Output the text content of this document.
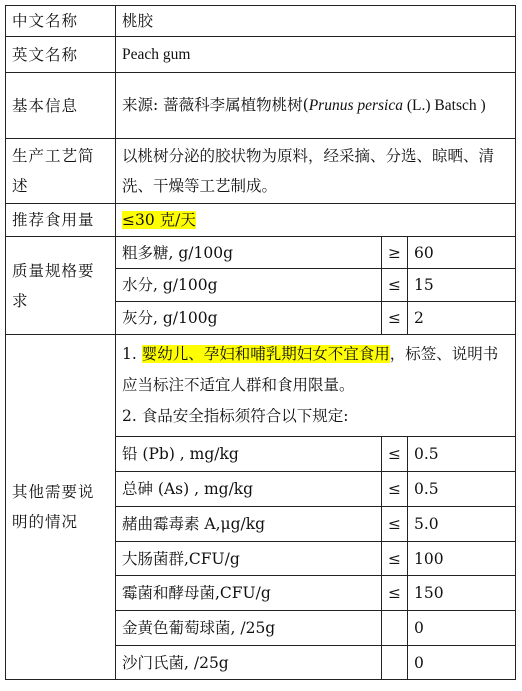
中文名称	桃胶		
英文名称	Peach gum		
基本信息	来源: 蔷薇科李属植物桃树(Prunus persica (L.) Batsch )		
生产工艺简述	以桃树分泌的胶状物为原料，经采摘、分选、晾晒、清洗、干燥等工艺制成。		
推荐食用量	≤30 克/天		
质量规格要求	粗多糖, g/100g	≥	60
	水分, g/100g	≤	15
	灰分, g/100g	≤	2
其他需要说明的情况	1. 婴幼儿、孕妇和哺乳期妇女不宜食用，标签、说明书应当标注不适宜人群和食用限量。
2. 食品安全指标须符合以下规定:		
	铅 (Pb) , mg/kg	≤	0.5
	总砷 (As) , mg/kg	≤	0.5
	赭曲霉毒素 A,μg/kg	≤	5.0
	大肠菌群,CFU/g	≤	100
	霉菌和酵母菌,CFU/g	≤	150
	金黄色葡萄球菌, /25g		0
	沙门氏菌, /25g		0
